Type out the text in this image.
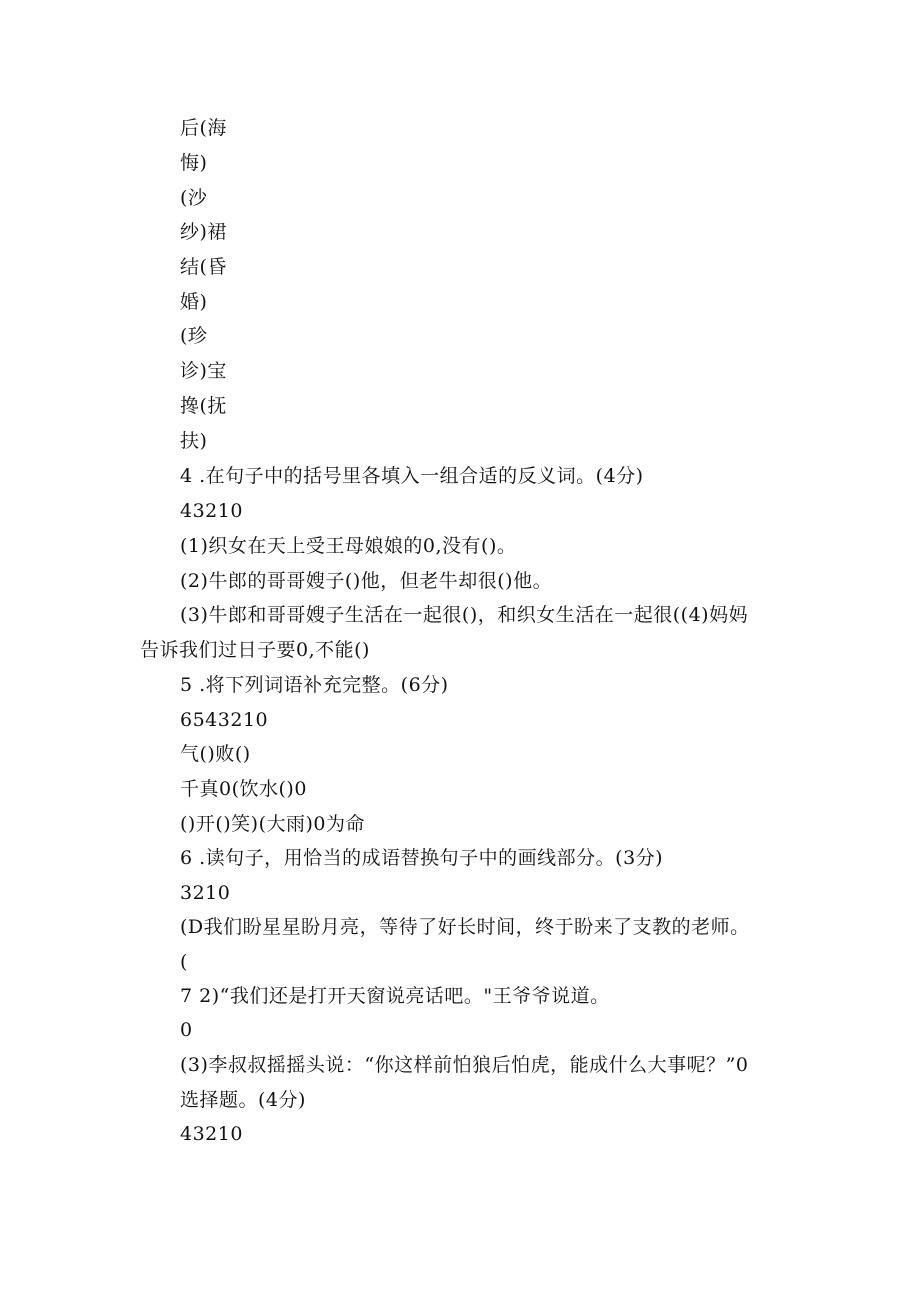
后(海
悔)
(沙
纱)裙
结(昏
婚)
(珍
诊)宝
搀(抚
扶)
4 .在句子中的括号里各填入一组合适的反义词。(4分)
43210
(1)织女在天上受王母娘娘的0,没有()。
(2)牛郎的哥哥嫂子()他，但老牛却很()他。
(3)牛郎和哥哥嫂子生活在一起很()，和织女生活在一起很((4)妈妈
告诉我们过日子要0,不能()
5 .将下列词语补充完整。(6分)
6543210
气()败()
千真0(饮水()0
()开()笑)(大雨)0为命
6 .读句子，用恰当的成语替换句子中的画线部分。(3分)
3210
(D我们盼星星盼月亮，等待了好长时间，终于盼来了支教的老师。
(
7 2)“我们还是打开天窗说亮话吧。"王爷爷说道。
0
(3)李叔叔摇摇头说：“你这样前怕狼后怕虎，能成什么大事呢？”0
选择题。(4分)
43210
